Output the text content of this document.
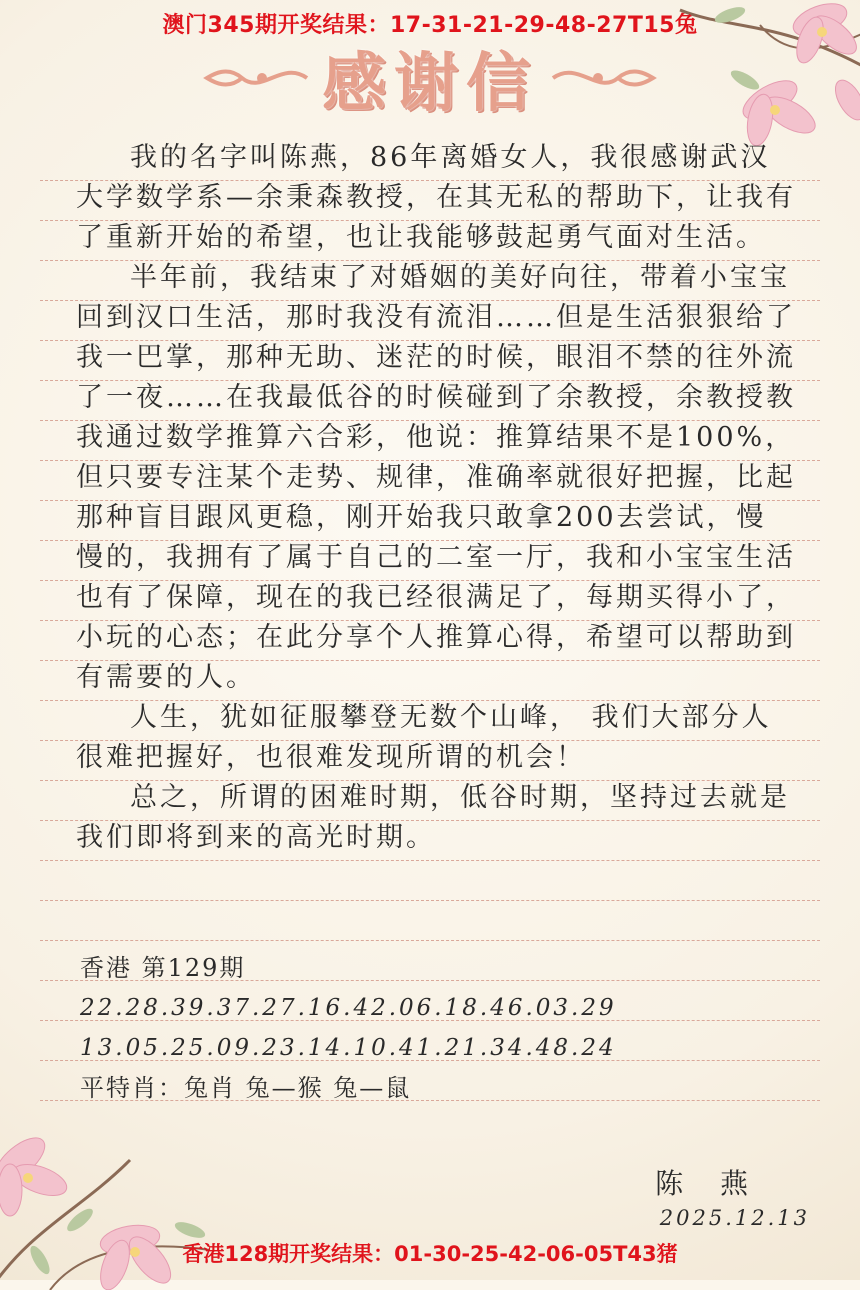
澳门345期开奖结果：17-31-21-29-48-27T15兔
感谢信

我的名字叫陈燕，86年离婚女人，我很感谢武汉大学数学系—余秉森教授，在其无私的帮助下，让我有了重新开始的希望，也让我能够鼓起勇气面对生活。

半年前，我结束了对婚姻的美好向往，带着小宝宝回到汉口生活，那时我没有流泪……但是生活狠狠给了我一巴掌，那种无助、迷茫的时候，眼泪不禁的往外流了一夜……在我最低谷的时候碰到了余教授，余教授教我通过数学推算六合彩，他说：推算结果不是100%，但只要专注某个走势、规律，准确率就很好把握，比起那种盲目跟风更稳，刚开始我只敢拿200去尝试，慢慢的，我拥有了属于自己的二室一厅，我和小宝宝生活也有了保障，现在的我已经很满足了，每期买得小了，小玩的心态；在此分享个人推算心得，希望可以帮助到有需要的人。

人生，犹如征服攀登无数个山峰， 我们大部分人很难把握好，也很难发现所谓的机会！

总之，所谓的困难时期，低谷时期，坚持过去就是我们即将到来的高光时期。

香港 第129期
22.28.39.37.27.16.42.06.18.46.03.29
13.05.25.09.23.14.10.41.21.34.48.24
平特肖：兔肖 兔—猴 兔—鼠
陈 燕
2025.12.13
香港128期开奖结果：01-30-25-42-06-05T43猪
